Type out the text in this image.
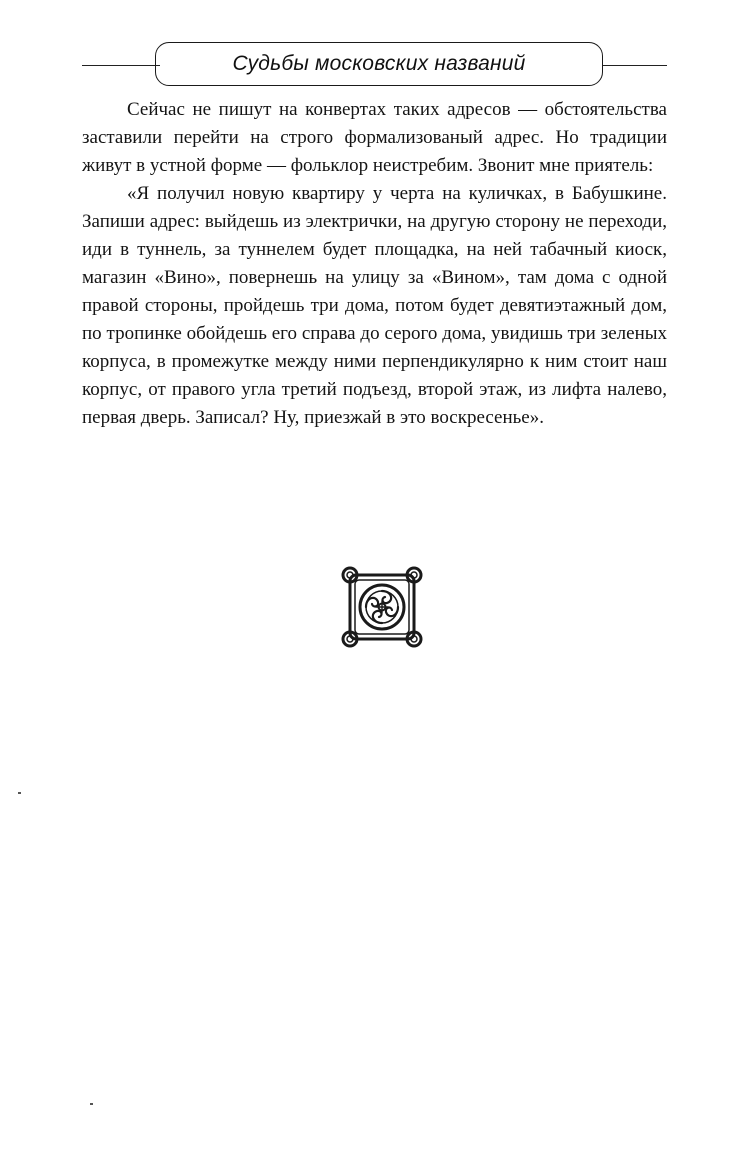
Судьбы московских названий

Сейчас не пишут на конвертах таких адресов — обстоятельства заставили перейти на строго формализованый адрес. Но традиции живут в устной форме — фольклор неистребим. Звонит мне приятель:

«Я получил новую квартиру у черта на куличках, в Бабушкине. Запиши адрес: выйдешь из электрички, на другую сторону не переходи, иди в туннель, за туннелем будет площадка, на ней табачный киоск, магазин «Вино», повернешь на улицу за «Вином», там дома с одной правой стороны, пройдешь три дома, потом будет девятиэтажный дом, по тропинке обойдешь его справа до серого дома, увидишь три зеленых корпуса, в промежутке между ними перпендикулярно к ним стоит наш корпус, от правого угла третий подъезд, второй этаж, из лифта налево, первая дверь. Записал? Ну, приезжай в это воскресенье».
